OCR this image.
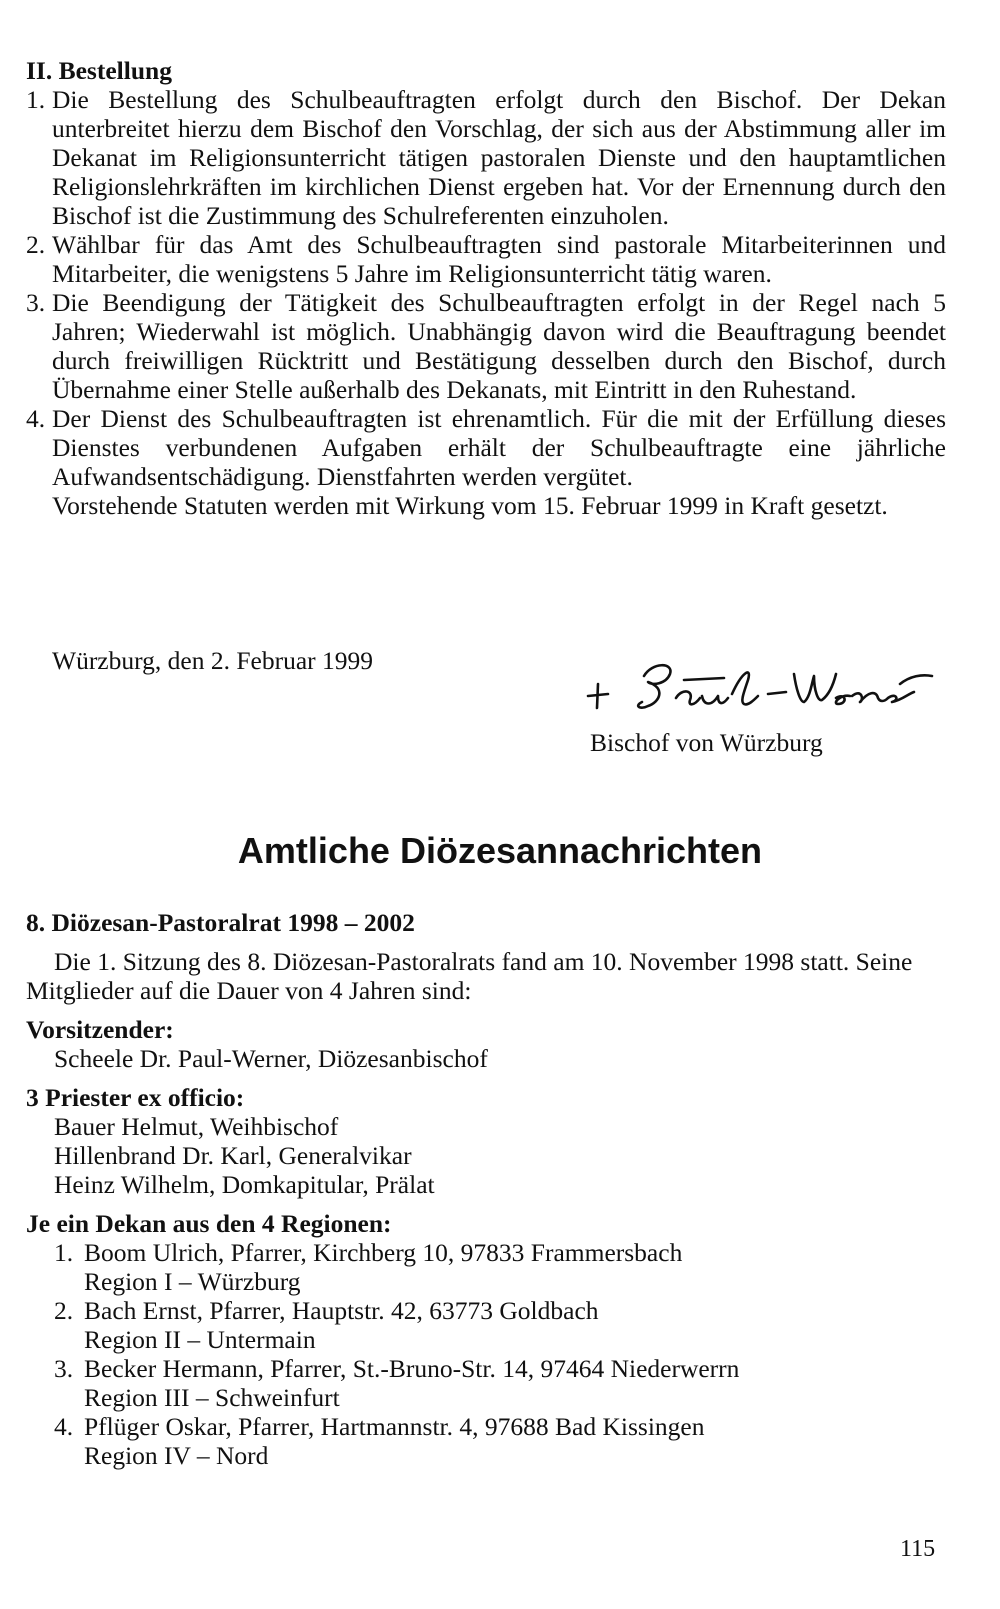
II. Bestellung

1. Die Bestellung des Schulbeauftragten erfolgt durch den Bischof. Der Dekan unterbreitet hierzu dem Bischof den Vorschlag, der sich aus der Abstimmung aller im Dekanat im Religionsunterricht tätigen pastoralen Dienste und den hauptamtlichen Religionslehrkräften im kirchlichen Dienst ergeben hat. Vor der Ernennung durch den Bischof ist die Zustimmung des Schulreferenten einzuholen.
2. Wählbar für das Amt des Schulbeauftragten sind pastorale Mitarbeiterinnen und Mitarbeiter, die wenigstens 5 Jahre im Religionsunterricht tätig waren.
3. Die Beendigung der Tätigkeit des Schulbeauftragten erfolgt in der Regel nach 5 Jahren; Wiederwahl ist möglich. Unabhängig davon wird die Beauftragung beendet durch freiwilligen Rücktritt und Bestätigung desselben durch den Bischof, durch Übernahme einer Stelle außerhalb des Dekanats, mit Eintritt in den Ruhestand.
4. Der Dienst des Schulbeauftragten ist ehrenamtlich. Für die mit der Erfüllung dieses Dienstes verbundenen Aufgaben erhält der Schulbeauftragte eine jährliche Aufwandsentschädigung. Dienstfahrten werden vergütet.
Vorstehende Statuten werden mit Wirkung vom 15. Februar 1999 in Kraft gesetzt.

Würzburg, den 2. Februar 1999

Bischof von Würzburg

Amtliche Diözesannachrichten

8. Diözesan-Pastoralrat 1998 – 2002

Die 1. Sitzung des 8. Diözesan-Pastoralrats fand am 10. November 1998 statt. Seine Mitglieder auf die Dauer von 4 Jahren sind:

Vorsitzender:

Scheele Dr. Paul-Werner, Diözesanbischof

3 Priester ex officio:

Bauer Helmut, Weihbischof

Hillenbrand Dr. Karl, Generalvikar

Heinz Wilhelm, Domkapitular, Prälat

Je ein Dekan aus den 4 Regionen:

1. Boom Ulrich, Pfarrer, Kirchberg 10, 97833 Frammersbach

Region I – Würzburg

2. Bach Ernst, Pfarrer, Hauptstr. 42, 63773 Goldbach

Region II – Untermain

3. Becker Hermann, Pfarrer, St.-Bruno-Str. 14, 97464 Niederwerrn

Region III – Schweinfurt

4. Pflüger Oskar, Pfarrer, Hartmannstr. 4, 97688 Bad Kissingen

Region IV – Nord

115
